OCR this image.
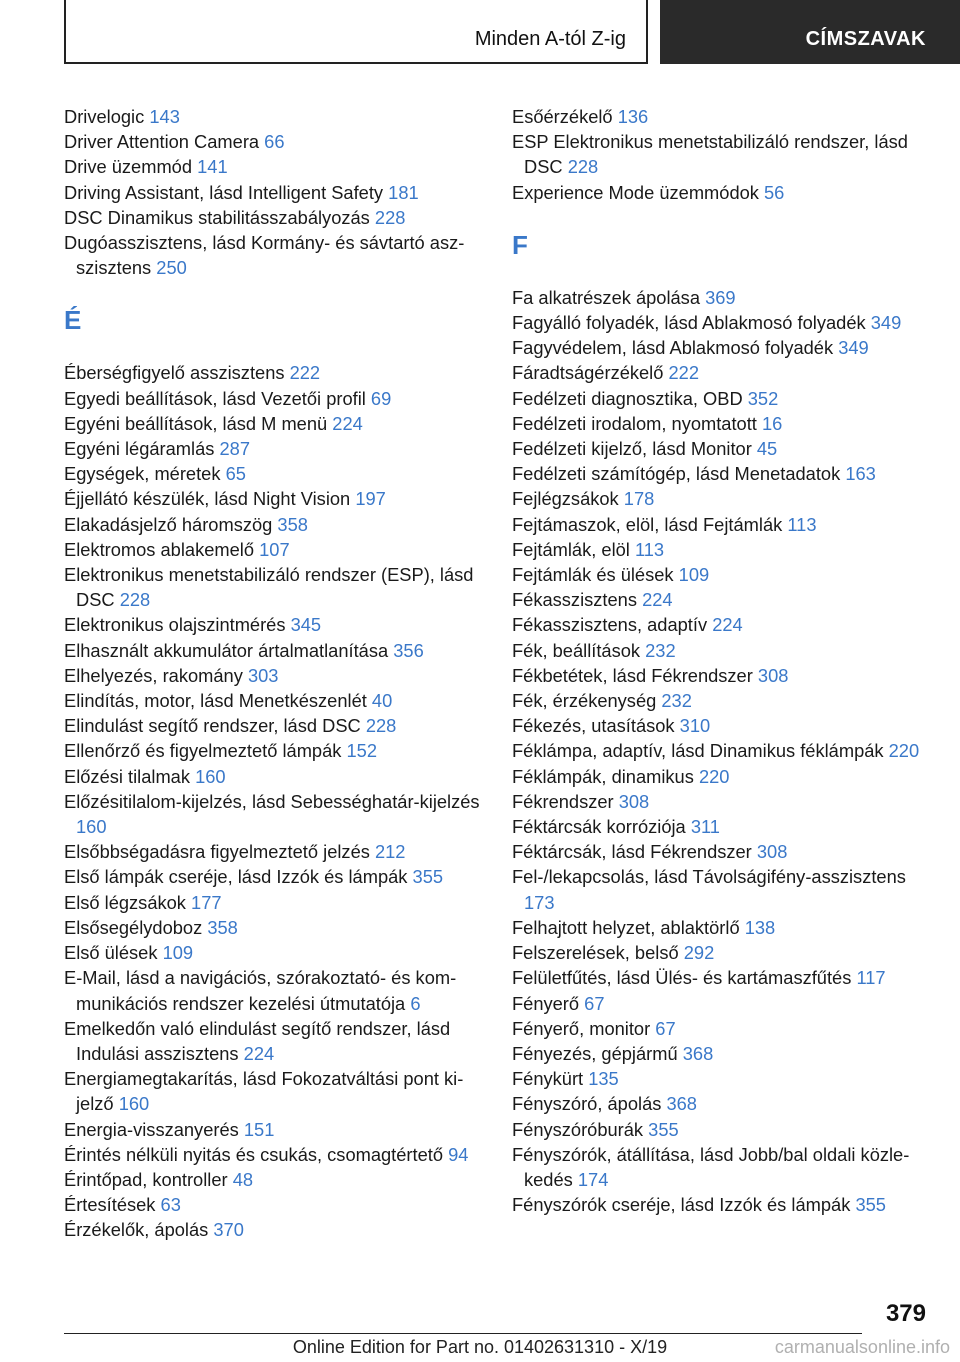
Minden A-tól Z-ig	CÍMSZAVAK
Drivelogic 143
Driver Attention Camera 66
Drive üzemmód 141
Driving Assistant, lásd Intelligent Safety 181
DSC Dinamikus stabilitásszabályozás 228
Dugóasszisztens, lásd Kormány- és sávtartó aszszisztens 250
É
Éberségfigyelő asszisztens 222
Egyedi beállítások, lásd Vezetői profil 69
Egyéni beállítások, lásd M menü 224
Egyéni légáramlás 287
Egységek, méretek 65
Éjjellátó készülék, lásd Night Vision 197
Elakadásjelző háromszög 358
Elektromos ablakemelő 107
Elektronikus menetstabilizáló rendszer (ESP), lásd DSC 228
Elektronikus olajszintmérés 345
Elhasznált akkumulátor ártalmatlanítása 356
Elhelyezés, rakomány 303
Elindítás, motor, lásd Menetkészenlét 40
Elindulást segítő rendszer, lásd DSC 228
Ellenőrző és figyelmeztető lámpák 152
Előzési tilalmak 160
Előzésitilalom-kijelzés, lásd Sebességhatár-kijelzés 160
Elsőbbségadásra figyelmeztető jelzés 212
Első lámpák cseréje, lásd Izzók és lámpák 355
Első légzsákok 177
Elsősegélydoboz 358
Első ülések 109
E-Mail, lásd a navigációs, szórakoztató- és kommunikációs rendszer kezelési útmutatója 6
Emelkedőn való elindulást segítő rendszer, lásd Indulási asszisztens 224
Energiamegtakarítás, lásd Fokozatváltási pont kijelző 160
Energia-visszanyerés 151
Érintés nélküli nyitás és csukás, csomagtértető 94
Érintőpad, kontroller 48
Értesítések 63
Érzékelők, ápolás 370
Esőérzékelő 136
ESP Elektronikus menetstabilizáló rendszer, lásd DSC 228
Experience Mode üzemmódok 56
F
Fa alkatrészek ápolása 369
Fagyálló folyadék, lásd Ablakmosó folyadék 349
Fagyvédelem, lásd Ablakmosó folyadék 349
Fáradtságérzékelő 222
Fedélzeti diagnosztika, OBD 352
Fedélzeti irodalom, nyomtatott 16
Fedélzeti kijelző, lásd Monitor 45
Fedélzeti számítógép, lásd Menetadatok 163
Fejlégzsákok 178
Fejtámaszok, elöl, lásd Fejtámlák 113
Fejtámlák, elöl 113
Fejtámlák és ülések 109
Fékasszisztens 224
Fékasszisztens, adaptív 224
Fék, beállítások 232
Fékbetétek, lásd Fékrendszer 308
Fék, érzékenység 232
Fékezés, utasítások 310
Féklámpa, adaptív, lásd Dinamikus féklámpák 220
Féklámpák, dinamikus 220
Fékrendszer 308
Féktárcsák korróziója 311
Féktárcsák, lásd Fékrendszer 308
Fel-/lekapcsolás, lásd Távolságifény-asszisztens 173
Felhajtott helyzet, ablaktörlő 138
Felszerelések, belső 292
Felületfűtés, lásd Ülés- és kartámaszfűtés 117
Fényerő 67
Fényerő, monitor 67
Fényezés, gépjármű 368
Fénykürt 135
Fényszóró, ápolás 368
Fényszóróburák 355
Fényszórók, átállítása, lásd Jobb/bal oldali közlekedés 174
Fényszórók cseréje, lásd Izzók és lámpák 355
379
Online Edition for Part no. 01402631310 - X/19	carmanualsonline.info
